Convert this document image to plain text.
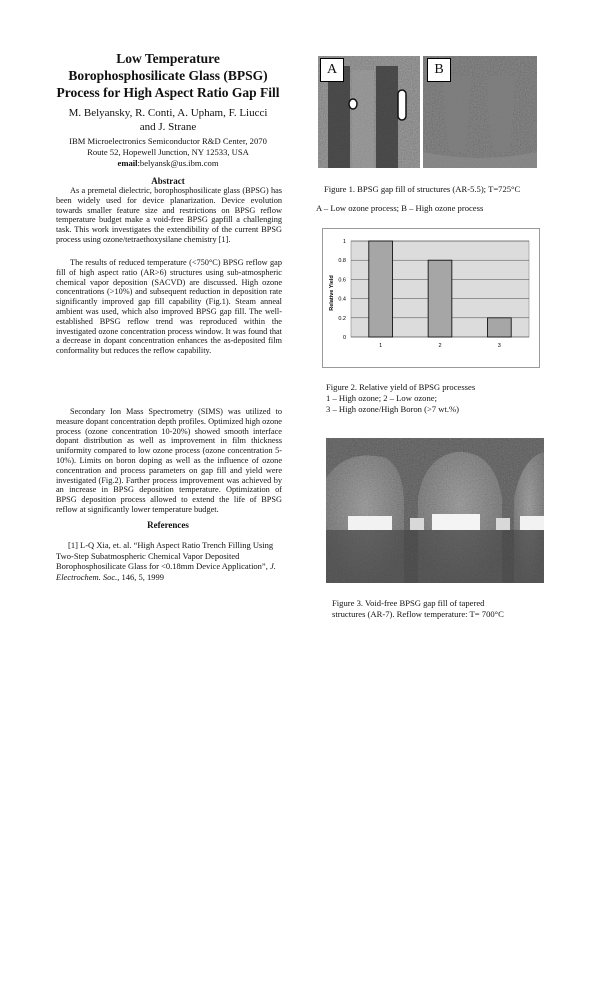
Low Temperature
Borophosphosilicate Glass (BPSG)
Process for High Aspect Ratio Gap Fill
M. Belyansky, R. Conti, A. Upham, F. Liucci
and J. Strane
IBM Microelectronics Semiconductor R&D Center, 2070
Route 52, Hopewell Junction, NY 12533, USA
email:belyansk@us.ibm.com
Abstract
As a premetal dielectric, borophosphosilicate glass (BPSG) has been widely used for device planarization. Device evolution towards smaller feature size and restrictions on BPSG reflow temperature budget make a void-free BPSG gapfill a challenging task. This work investigates the extendibility of the current BPSG process using ozone/tetraethoxysilane chemistry [1].
The results of reduced temperature (<750°C) BPSG reflow gap fill of high aspect ratio (AR>6) structures using sub-atmospheric chemical vapor deposition (SACVD) are discussed. High ozone concentrations (>10%) and subsequent reduction in deposition rate significantly improved gap fill capability (Fig.1). Steam anneal ambient was used, which also improved BPSG gap fill. The well-established BPSG reflow trend was reproduced within the investigated ozone concentration process window. It was found that a decrease in dopant concentration enhances the as-deposited film conformality but reduces the reflow capability.
Secondary Ion Mass Spectrometry (SIMS) was utilized to measure dopant concentration depth profiles. Optimized high ozone process (ozone concentration 10-20%) showed smooth interface dopant distribution as well as improvement in film thickness uniformity compared to low ozone process (ozone concentration 5-10%). Limits on boron doping as well as the influence of ozone concentration and process parameters on gap fill and yield were investigated (Fig.2). Farther process improvement was achieved by an increase in BPSG deposition temperature. Optimization of BPSG deposition process allowed to extend the life of BPSG reflow at significantly lower temperature budget.
References
[1] L-Q Xia, et. al. “High Aspect Ratio Trench Filling Using Two-Step Subatmospheric Chemical Vapor Deposited Borophosphosilicate Glass for <0.18mm Device Application”, J. Electrochem. Soc., 146, 5, 1999
A	B
Figure 1. BPSG gap fill of structures (AR-5.5); T=725°C
A – Low ozone process; B – High ozone process
0
0.2
0.4
0.6
0.8
1
1	2	3
Relative Yield
Figure 2. Relative yield of BPSG processes
1 – High ozone; 2 – Low ozone;
3 – High ozone/High Boron (>7 wt.%)
Figure 3. Void-free BPSG gap fill of tapered
structures (AR-7). Reflow temperature: T= 700°C
